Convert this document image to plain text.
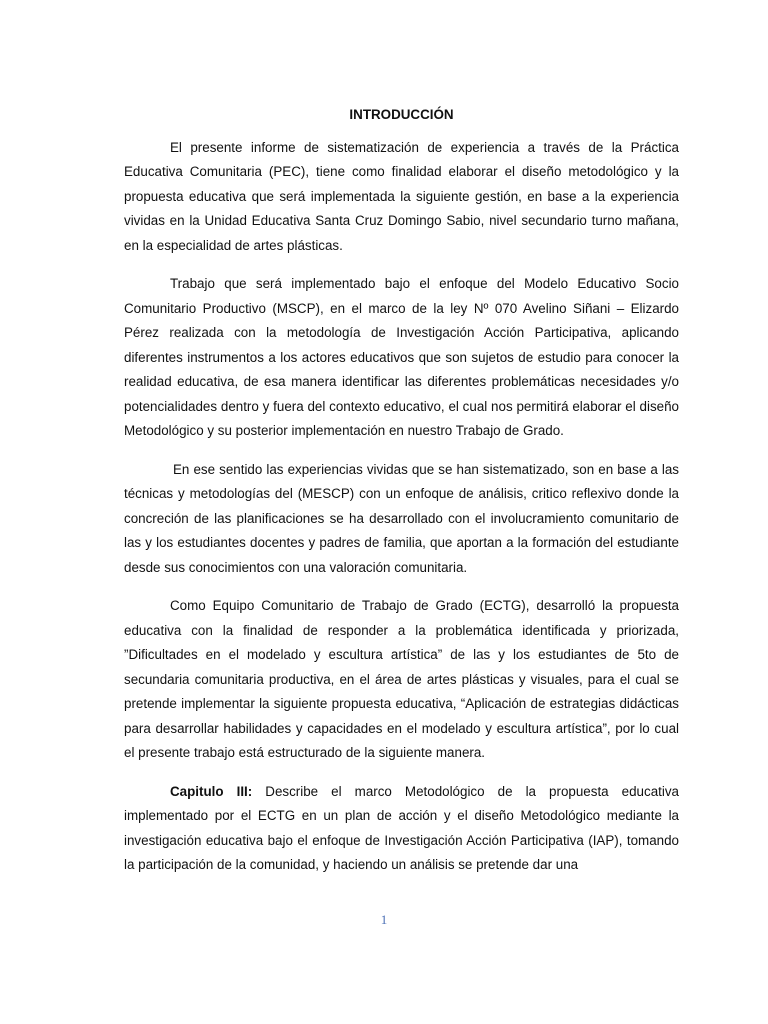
INTRODUCCIÓN

El presente informe de sistematización de experiencia a través de la Práctica Educativa Comunitaria (PEC), tiene como finalidad elaborar el diseño metodológico y la propuesta educativa que será implementada la siguiente gestión, en base a la experiencia vividas en la Unidad Educativa Santa Cruz Domingo Sabio, nivel secundario turno mañana, en la especialidad de artes plásticas.

Trabajo que será implementado bajo el enfoque del Modelo Educativo Socio Comunitario Productivo (MSCP), en el marco de la ley Nº 070 Avelino Siñani – Elizardo Pérez realizada con la metodología de Investigación Acción Participativa, aplicando diferentes instrumentos a los actores educativos que son sujetos de estudio para conocer la realidad educativa, de esa manera identificar las diferentes problemáticas necesidades y/o potencialidades dentro y fuera del contexto educativo, el cual nos permitirá elaborar el diseño Metodológico y su posterior implementación en nuestro Trabajo de Grado.

En ese sentido las experiencias vividas que se han sistematizado, son en base a las técnicas y metodologías del (MESCP) con un enfoque de análisis, critico reflexivo donde la concreción de las planificaciones se ha desarrollado con el involucramiento comunitario de las y los estudiantes docentes y padres de familia, que aportan a la formación del estudiante desde sus conocimientos con una valoración comunitaria.

Como Equipo Comunitario de Trabajo de Grado (ECTG), desarrolló la propuesta educativa con la finalidad de responder a la problemática identificada y priorizada, ”Dificultades en el modelado y escultura artística” de las y los estudiantes de 5to de secundaria comunitaria productiva, en el área de artes plásticas y visuales, para el cual se pretende implementar la siguiente propuesta educativa, “Aplicación de estrategias didácticas para desarrollar habilidades y capacidades en el modelado y escultura artística”, por lo cual el presente trabajo está estructurado de la siguiente manera.

Capitulo III: Describe el marco Metodológico de la propuesta educativa implementado por el ECTG en un plan de acción y el diseño Metodológico mediante la investigación educativa bajo el enfoque de Investigación Acción Participativa (IAP), tomando la participación de la comunidad, y haciendo un análisis se pretende dar una

1
